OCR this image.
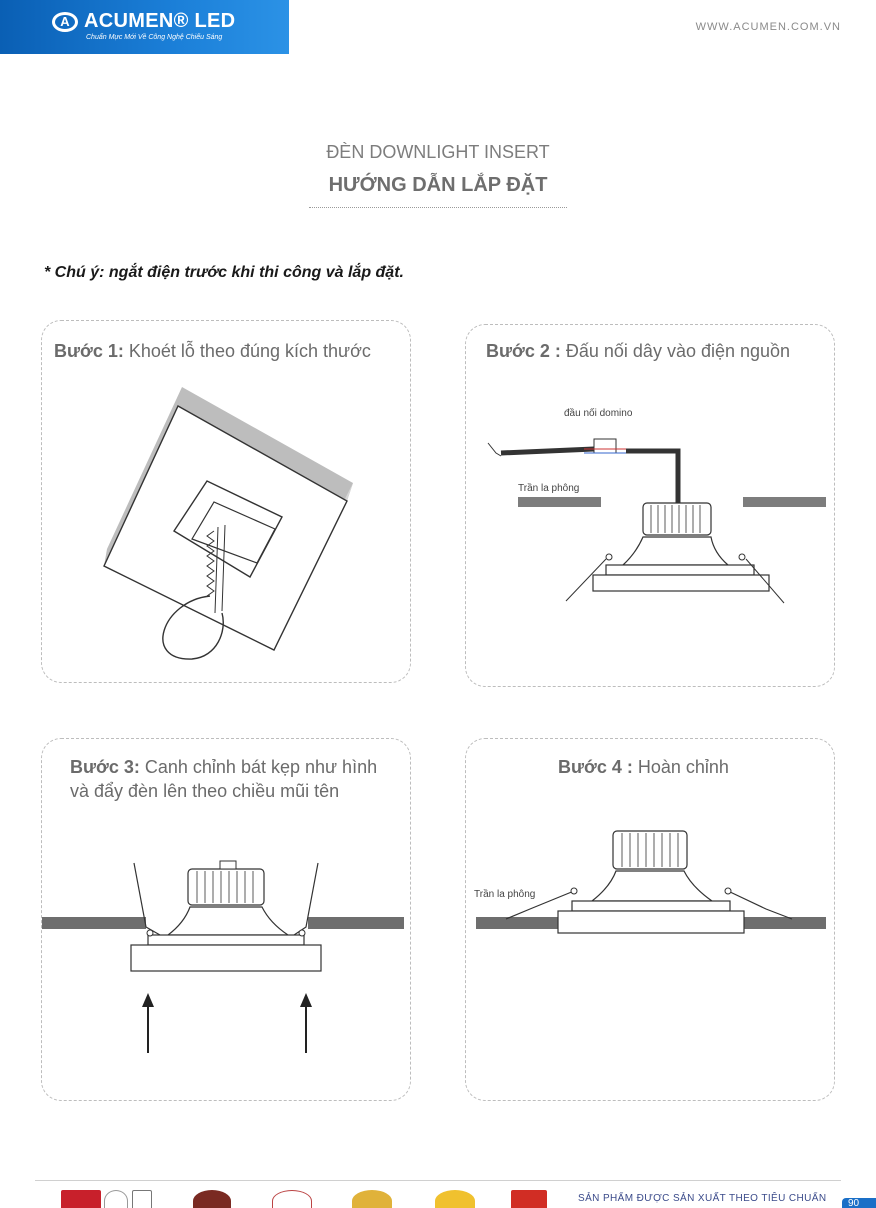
A ACUMEN® LED
Chuẩn Mực Mới Về Công Nghệ Chiếu Sáng
WWW.ACUMEN.COM.VN
ĐÈN DOWNLIGHT INSERT
HƯỚNG DẪN LẮP ĐẶT
* Chú ý: ngắt điện trước khi thi công và lắp đặt.
Bước 1: Khoét lỗ theo đúng kích thước	Bước 2 : Đấu nối dây vào điện nguồn
đầu nối domino
Trần la phông
Bước 3: Canh chỉnh bát kẹp như hình
và đẩy đèn lên theo chiều mũi tên
Bước 4 : Hoàn chỉnh
Trần la phông
SẢN PHẨM ĐƯỢC SẢN XUẤT THEO TIÊU CHUẨN	90
